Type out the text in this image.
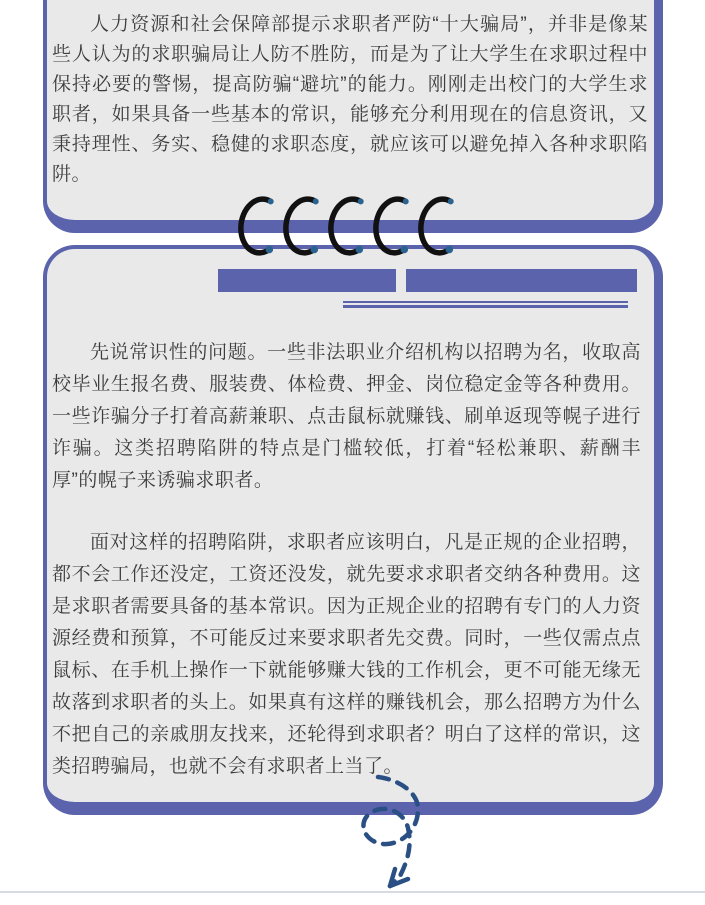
人力资源和社会保障部提示求职者严防“十大骗局”，并非是像某些人认为的求职骗局让人防不胜防，而是为了让大学生在求职过程中保持必要的警惕，提高防骗“避坑”的能力。刚刚走出校门的大学生求职者，如果具备一些基本的常识，能够充分利用现在的信息资讯，又秉持理性、务实、稳健的求职态度，就应该可以避免掉入各种求职陷阱。

先说常识性的问题。一些非法职业介绍机构以招聘为名，收取高校毕业生报名费、服装费、体检费、押金、岗位稳定金等各种费用。一些诈骗分子打着高薪兼职、点击鼠标就赚钱、刷单返现等幌子进行诈骗。这类招聘陷阱的特点是门槛较低，打着“轻松兼职、薪酬丰厚”的幌子来诱骗求职者。

面对这样的招聘陷阱，求职者应该明白，凡是正规的企业招聘，都不会工作还没定，工资还没发，就先要求求职者交纳各种费用。这是求职者需要具备的基本常识。因为正规企业的招聘有专门的人力资源经费和预算，不可能反过来要求职者先交费。同时，一些仅需点点鼠标、在手机上操作一下就能够赚大钱的工作机会，更不可能无缘无故落到求职者的头上。如果真有这样的赚钱机会，那么招聘方为什么不把自己的亲戚朋友找来，还轮得到求职者？明白了这样的常识，这类招聘骗局，也就不会有求职者上当了。
